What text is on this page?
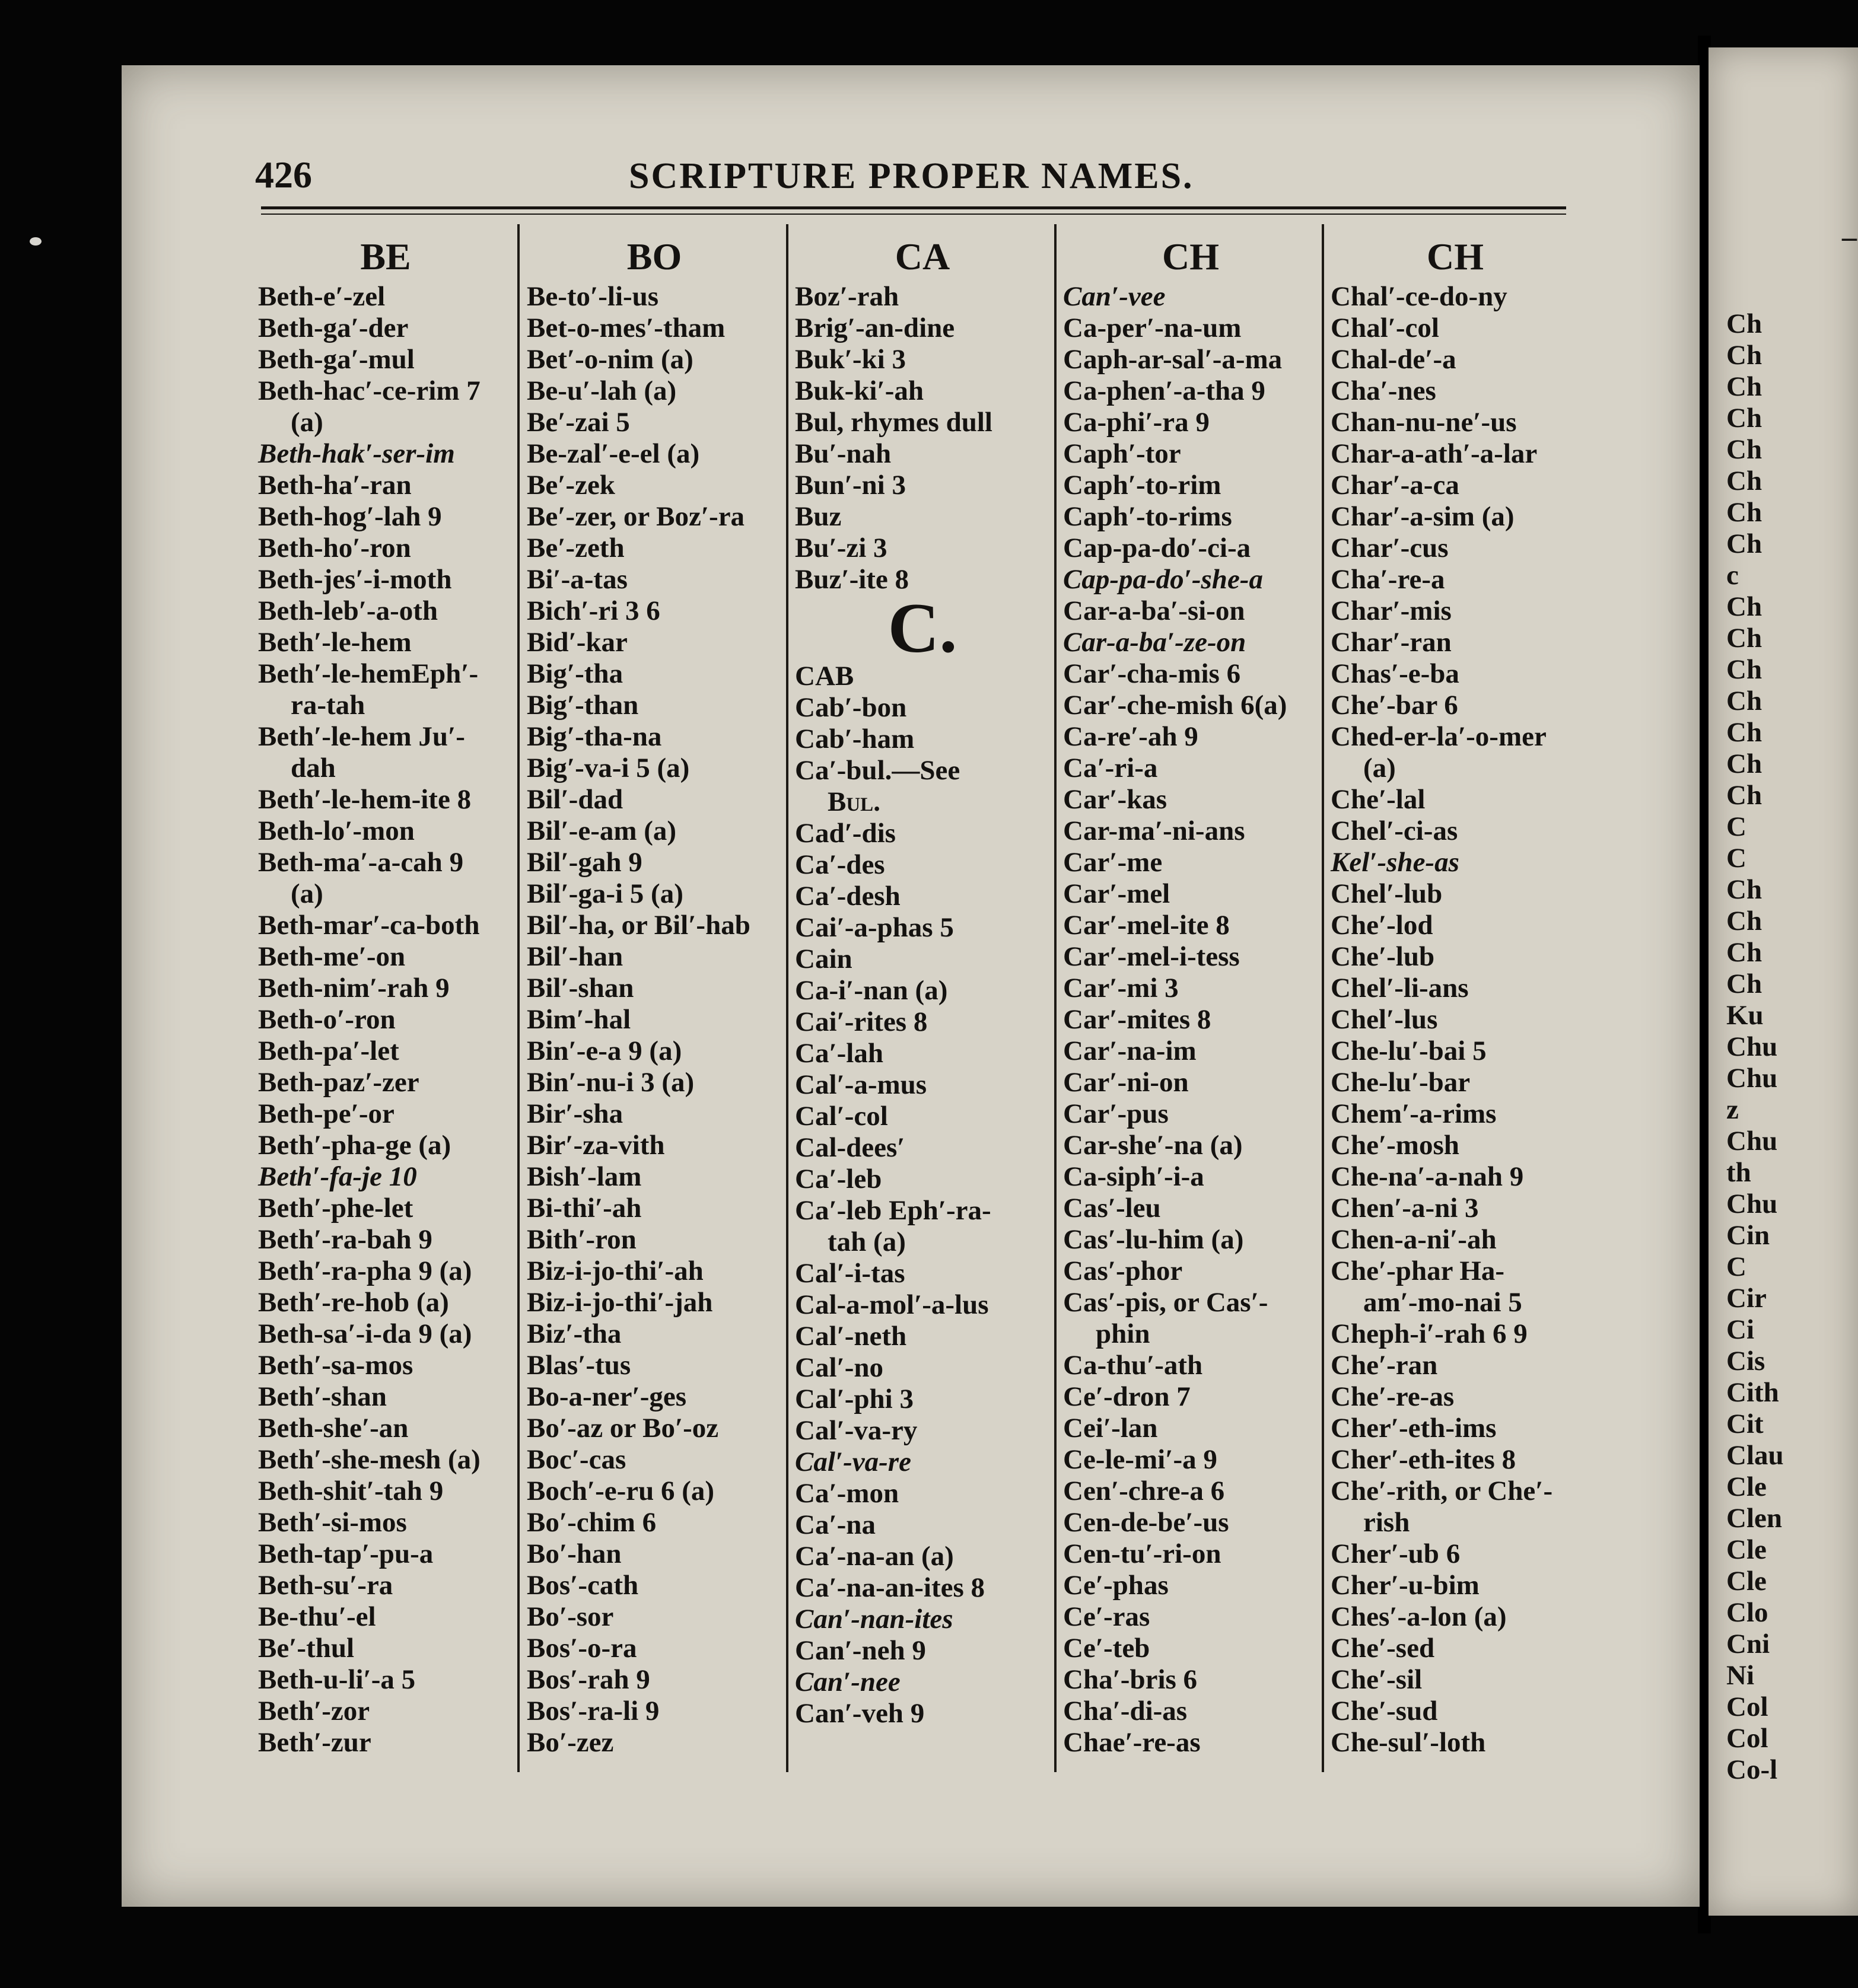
–
Ch
Ch
Ch
Ch
Ch
Ch
Ch
Ch
c
Ch
Ch
Ch
Ch
Ch
Ch
Ch
C
C
Ch
Ch
Ch
Ch
Ku
Chu
Chu
z
Chu
th
Chu
Cin
C
Cir
Ci
Cis
Cith
Cit
Clau
Cle
Clen
Cle
Cle
Clo
Cni
Ni
Col
Col
Co-l
426	SCRIPTURE PROPER NAMES.
BE
Beth-e′-zel
Beth-ga′-der
Beth-ga′-mul
Beth-hac′-ce-rim 7
(a)
Beth-hak′-ser-im
Beth-ha′-ran
Beth-hog′-lah 9
Beth-ho′-ron
Beth-jes′-i-moth
Beth-leb′-a-oth
Beth′-le-hem
Beth′-le-hemEph′-
ra-tah
Beth′-le-hem Ju′-
dah
Beth′-le-hem-ite 8
Beth-lo′-mon
Beth-ma′-a-cah 9
(a)
Beth-mar′-ca-both
Beth-me′-on
Beth-nim′-rah 9
Beth-o′-ron
Beth-pa′-let
Beth-paz′-zer
Beth-pe′-or
Beth′-pha-ge (a)
Beth′-fa-je 10
Beth′-phe-let
Beth′-ra-bah 9
Beth′-ra-pha 9 (a)
Beth′-re-hob (a)
Beth-sa′-i-da 9 (a)
Beth′-sa-mos
Beth′-shan
Beth-she′-an
Beth′-she-mesh (a)
Beth-shit′-tah 9
Beth′-si-mos
Beth-tap′-pu-a
Beth-su′-ra
Be-thu′-el
Be′-thul
Beth-u-li′-a 5
Beth′-zor
Beth′-zur
BO
Be-to′-li-us
Bet-o-mes′-tham
Bet′-o-nim (a)
Be-u′-lah (a)
Be′-zai 5
Be-zal′-e-el (a)
Be′-zek
Be′-zer, or Boz′-ra
Be′-zeth
Bi′-a-tas
Bich′-ri 3 6
Bid′-kar
Big′-tha
Big′-than
Big′-tha-na
Big′-va-i 5 (a)
Bil′-dad
Bil′-e-am (a)
Bil′-gah 9
Bil′-ga-i 5 (a)
Bil′-ha, or Bil′-hab
Bil′-han
Bil′-shan
Bim′-hal
Bin′-e-a 9 (a)
Bin′-nu-i 3 (a)
Bir′-sha
Bir′-za-vith
Bish′-lam
Bi-thi′-ah
Bith′-ron
Biz-i-jo-thi′-ah
Biz-i-jo-thi′-jah
Biz′-tha
Blas′-tus
Bo-a-ner′-ges
Bo′-az or Bo′-oz
Boc′-cas
Boch′-e-ru 6 (a)
Bo′-chim 6
Bo′-han
Bos′-cath
Bo′-sor
Bos′-o-ra
Bos′-rah 9
Bos′-ra-li 9
Bo′-zez
CA
Boz′-rah
Brig′-an-dine
Buk′-ki 3
Buk-ki′-ah
Bul, rhymes dull
Bu′-nah
Bun′-ni 3
Buz
Bu′-zi 3
Buz′-ite 8
C.
CAB
Cab′-bon
Cab′-ham
Ca′-bul.—See
Bul.
Cad′-dis
Ca′-des
Ca′-desh
Cai′-a-phas 5
Cain
Ca-i′-nan (a)
Cai′-rites 8
Ca′-lah
Cal′-a-mus
Cal′-col
Cal-dees′
Ca′-leb
Ca′-leb Eph′-ra-
tah (a)
Cal′-i-tas
Cal-a-mol′-a-lus
Cal′-neth
Cal′-no
Cal′-phi 3
Cal′-va-ry
Cal′-va-re
Ca′-mon
Ca′-na
Ca′-na-an (a)
Ca′-na-an-ites 8
Can′-nan-ites
Can′-neh 9
Can′-nee
Can′-veh 9
CH
Can′-vee
Ca-per′-na-um
Caph-ar-sal′-a-ma
Ca-phen′-a-tha 9
Ca-phi′-ra 9
Caph′-tor
Caph′-to-rim
Caph′-to-rims
Cap-pa-do′-ci-a
Cap-pa-do′-she-a
Car-a-ba′-si-on
Car-a-ba′-ze-on
Car′-cha-mis 6
Car′-che-mish 6(a)
Ca-re′-ah 9
Ca′-ri-a
Car′-kas
Car-ma′-ni-ans
Car′-me
Car′-mel
Car′-mel-ite 8
Car′-mel-i-tess
Car′-mi 3
Car′-mites 8
Car′-na-im
Car′-ni-on
Car′-pus
Car-she′-na (a)
Ca-siph′-i-a
Cas′-leu
Cas′-lu-him (a)
Cas′-phor
Cas′-pis, or Cas′-
phin
Ca-thu′-ath
Ce′-dron 7
Cei′-lan
Ce-le-mi′-a 9
Cen′-chre-a 6
Cen-de-be′-us
Cen-tu′-ri-on
Ce′-phas
Ce′-ras
Ce′-teb
Cha′-bris 6
Cha′-di-as
Chae′-re-as
CH
Chal′-ce-do-ny
Chal′-col
Chal-de′-a
Cha′-nes
Chan-nu-ne′-us
Char-a-ath′-a-lar
Char′-a-ca
Char′-a-sim (a)
Char′-cus
Cha′-re-a
Char′-mis
Char′-ran
Chas′-e-ba
Che′-bar 6
Ched-er-la′-o-mer
(a)
Che′-lal
Chel′-ci-as
Kel′-she-as
Chel′-lub
Che′-lod
Che′-lub
Chel′-li-ans
Chel′-lus
Che-lu′-bai 5
Che-lu′-bar
Chem′-a-rims
Che′-mosh
Che-na′-a-nah 9
Chen′-a-ni 3
Chen-a-ni′-ah
Che′-phar Ha-
am′-mo-nai 5
Cheph-i′-rah 6 9
Che′-ran
Che′-re-as
Cher′-eth-ims
Cher′-eth-ites 8
Che′-rith, or Che′-
rish
Cher′-ub 6
Cher′-u-bim
Ches′-a-lon (a)
Che′-sed
Che′-sil
Che′-sud
Che-sul′-loth
